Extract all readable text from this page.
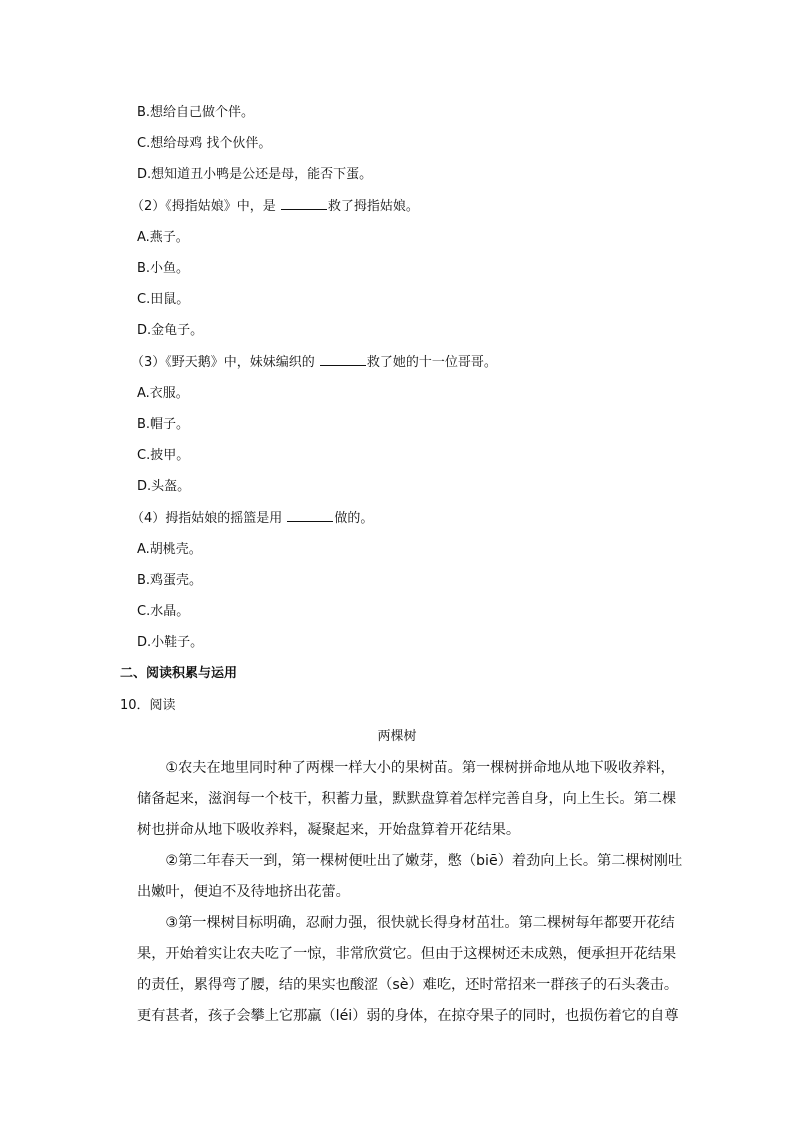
B.想给自己做个伴。
C.想给母鸡 找个伙伴。
D.想知道丑小鸭是公还是母，能否下蛋。
（2）《拇指姑娘》中，是	救了拇指姑娘。
A.燕子。
B.小鱼。
C.田鼠。
D.金龟子。
（3）《野天鹅》中，妹妹编织的	救了她的十一位哥哥。
A.衣服。
B.帽子。
C.披甲。
D.头盔。
（4）拇指姑娘的摇篮是用	做的。
A.胡桃壳。
B.鸡蛋壳。
C.水晶。
D.小鞋子。
二、阅读积累与运用
10．阅读
两棵树
　　①农夫在地里同时种了两棵一样大小的果树苗。第一棵树拼命地从地下吸收养料，
储备起来，滋润每一个枝干，积蓄力量，默默盘算着怎样完善自身，向上生长。第二棵
树也拼命从地下吸收养料，凝聚起来，开始盘算着开花结果。
　　②第二年春天一到，第一棵树便吐出了嫩芽，憋（biē）着劲向上长。第二棵树刚吐
出嫩叶，便迫不及待地挤出花蕾。
　　③第一棵树目标明确，忍耐力强，很快就长得身材茁壮。第二棵树每年都要开花结
果，开始着实让农夫吃了一惊，非常欣赏它。但由于这棵树还未成熟，便承担开花结果
的责任，累得弯了腰，结的果实也酸涩（sè）难吃，还时常招来一群孩子的石头袭击。
更有甚者，孩子会攀上它那羸（léi）弱的身体，在掠夺果子的同时，也损伤着它的自尊
